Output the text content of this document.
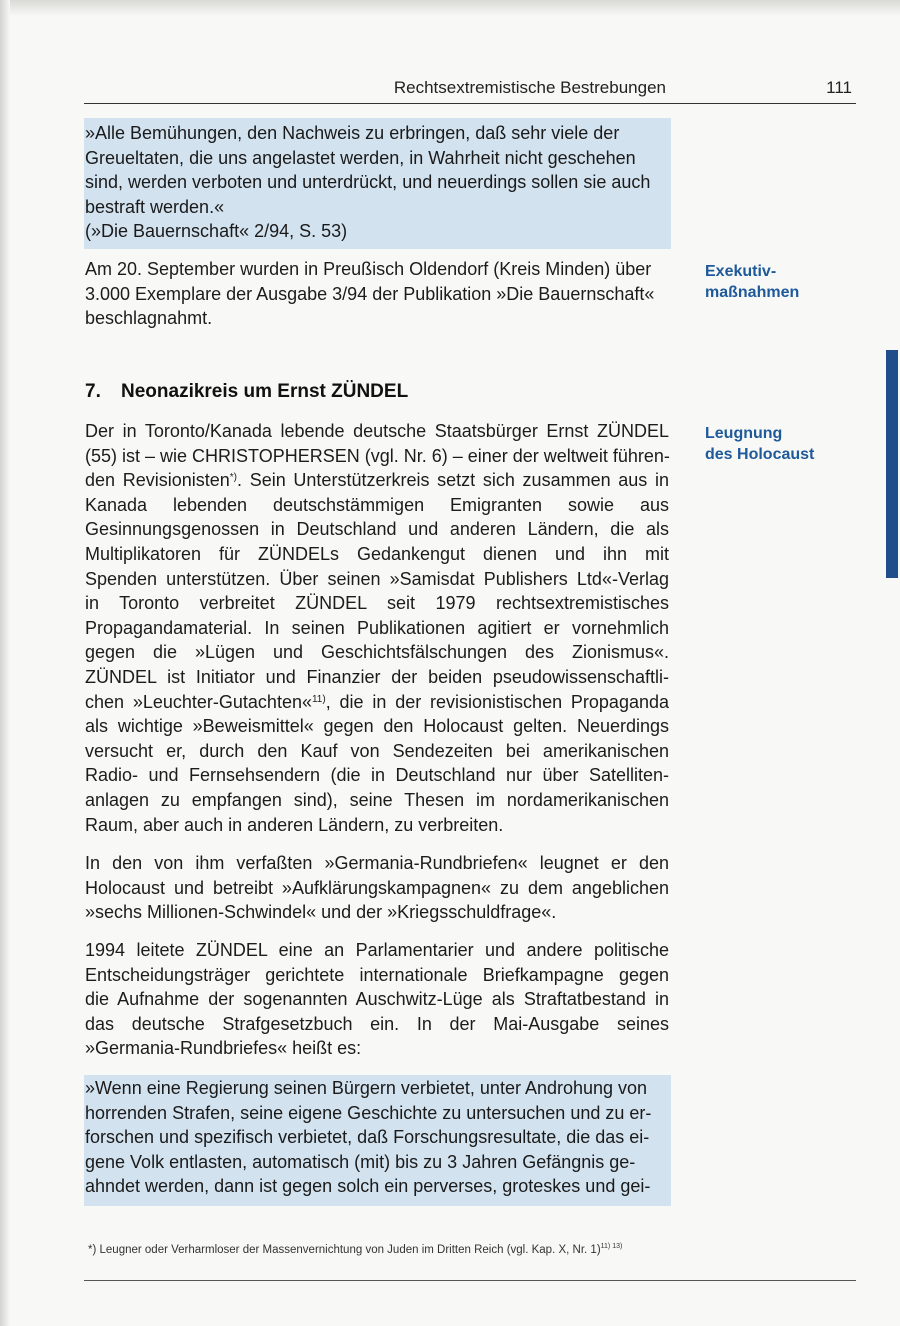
Rechtsextremistische Bestrebungen	111

»Alle Bemühungen, den Nachweis zu erbringen, daß sehr viele der

Greueltaten, die uns angelastet werden, in Wahrheit nicht geschehen

sind, werden verboten und unterdrückt, und neuerdings sollen sie auch

bestraft werden.«

(»Die Bauernschaft« 2/94, S. 53)

Am 20. September wurden in Preußisch Oldendorf (Kreis Minden) über

3.000 Exemplare der Ausgabe 3/94 der Publikation »Die Bauernschaft«

beschlagnahmt.

Exekutiv-
maßnahmen
7. Neonazikreis um Ernst ZÜNDEL
Leugnung
des Holocaust

Der in Toronto/Kanada lebende deutsche Staatsbürger Ernst ZÜNDEL

(55) ist – wie CHRISTOPHERSEN (vgl. Nr. 6) – einer der weltweit führen-

den Revisionisten*). Sein Unterstützerkreis setzt sich zusammen aus in

Kanada lebenden deutschstämmigen Emigranten sowie aus

Gesinnungsgenossen in Deutschland und anderen Ländern, die als

Multiplikatoren für ZÜNDELs Gedankengut dienen und ihn mit

Spenden unterstützen. Über seinen »Samisdat Publishers Ltd«-Verlag

in Toronto verbreitet ZÜNDEL seit 1979 rechtsextremistisches

Propagandamaterial. In seinen Publikationen agitiert er vornehmlich

gegen die »Lügen und Geschichtsfälschungen des Zionismus«.

ZÜNDEL ist Initiator und Finanzier der beiden pseudowissenschaftli-

chen »Leuchter-Gutachten«$^{11)}$, die in der revisionistischen Propaganda

als wichtige »Beweismittel« gegen den Holocaust gelten. Neuerdings

versucht er, durch den Kauf von Sendezeiten bei amerikanischen

Radio- und Fernsehsendern (die in Deutschland nur über Satelliten-

anlagen zu empfangen sind), seine Thesen im nordamerikanischen

Raum, aber auch in anderen Ländern, zu verbreiten.

In den von ihm verfaßten »Germania-Rundbriefen« leugnet er den

Holocaust und betreibt »Aufklärungskampagnen« zu dem angeblichen

»sechs Millionen-Schwindel« und der »Kriegsschuldfrage«.

1994 leitete ZÜNDEL eine an Parlamentarier und andere politische

Entscheidungsträger gerichtete internationale Briefkampagne gegen

die Aufnahme der sogenannten Auschwitz-Lüge als Straftatbestand in

das deutsche Strafgesetzbuch ein. In der Mai-Ausgabe seines

»Germania-Rundbriefes« heißt es:

»Wenn eine Regierung seinen Bürgern verbietet, unter Androhung von

horrenden Strafen, seine eigene Geschichte zu untersuchen und zu er-

forschen und spezifisch verbietet, daß Forschungsresultate, die das ei-

gene Volk entlasten, automatisch (mit) bis zu 3 Jahren Gefängnis ge-

ahndet werden, dann ist gegen solch ein perverses, groteskes und gei-

*) Leugner oder Verharmloser der Massenvernichtung von Juden im Dritten Reich (vgl. Kap. X, Nr. 1)$^{11) 13)}$
